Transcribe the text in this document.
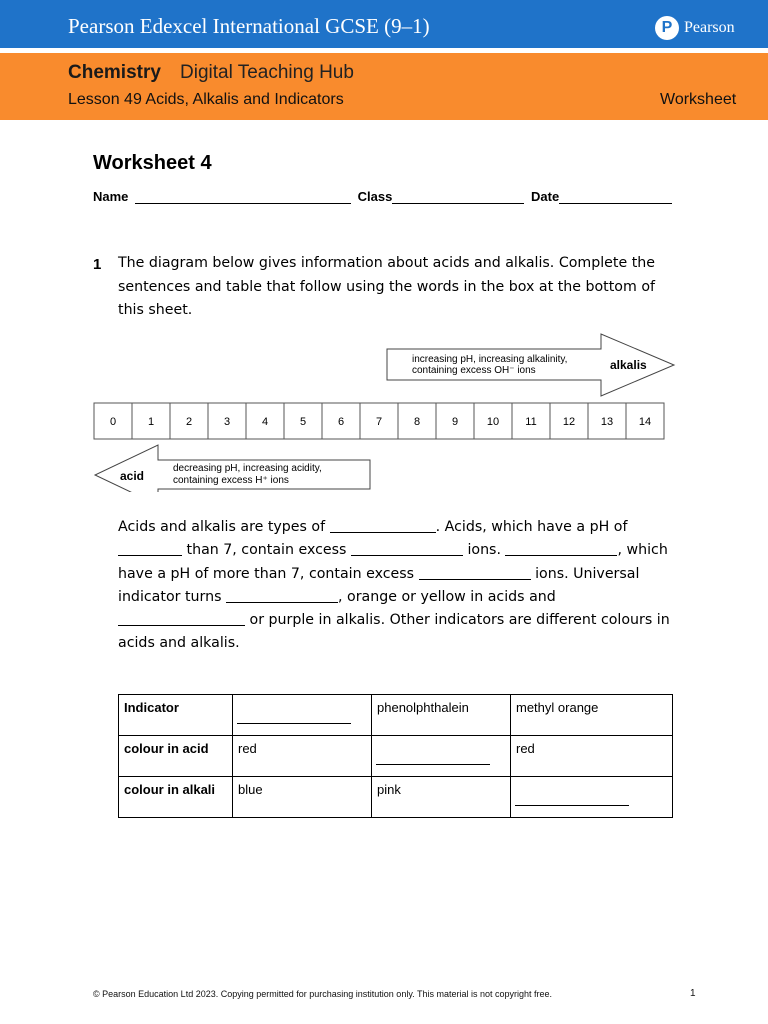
Pearson Edexcel International GCSE (9–1)	P Pearson
Chemistry Digital Teaching Hub
Lesson 49 Acids, Alkalis and Indicators	Worksheet
Worksheet 4
Name	Class	Date
1 The diagram below gives information about acids and alkalis. Complete the sentences and table that follow using the words in the box at the bottom of this sheet.
increasing pH, increasing alkalinity,
containing excess OH⁻ ions	alkalis
0	1	2	3	4	5	6	7	8	9	10 11 12 13 14
acid
decreasing pH, increasing acidity,
containing excess H⁺ ions
Acids and alkalis are types of	. Acids, which have a pH of  than 7, contain excess	ions.	, which have a pH of more than 7, contain excess	ions. Universal indicator turns	, orange or yellow in acids and  or purple in alkalis. Other indicators are different colours in acids and alkalis.
Indicator		phenolphthalein	methyl orange
colour in acid	red		red
colour in alkali	blue	pink	
© Pearson Education Ltd 2023. Copying permitted for purchasing institution only. This material is not copyright free.	1
